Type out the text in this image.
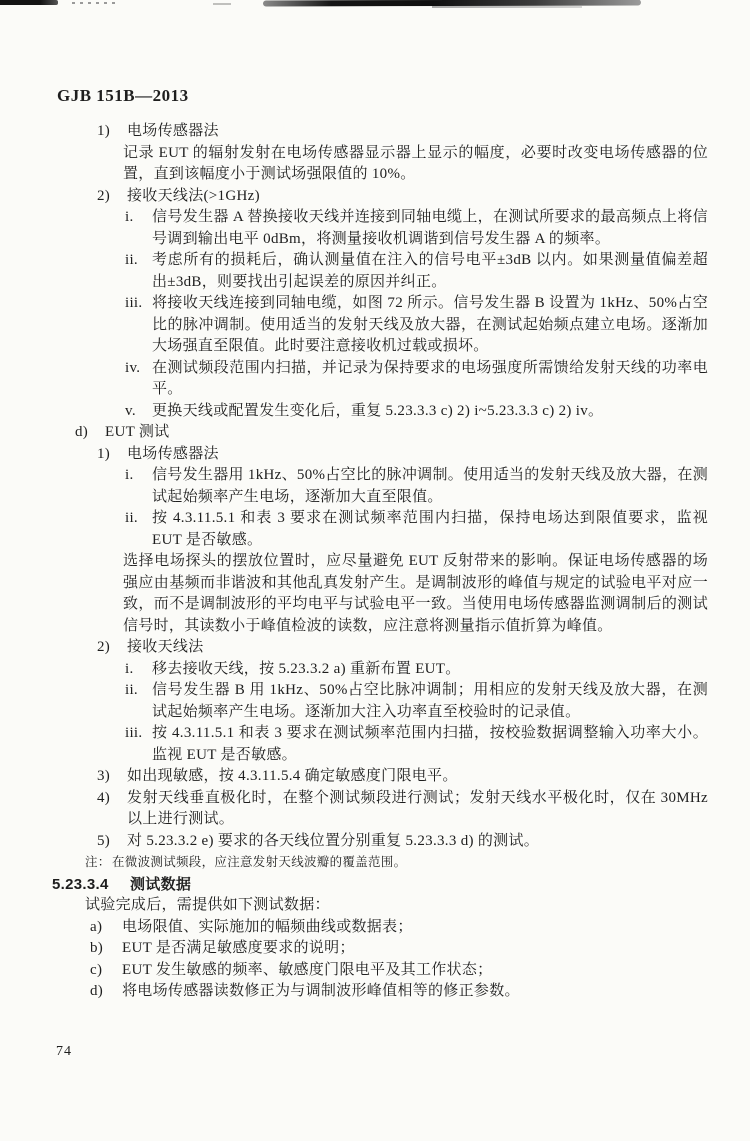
GJB 151B—2013
1)	电场传感器法
记录 EUT 的辐射发射在电场传感器显示器上显示的幅度，必要时改变电场传感器的位置，直到该幅度小于测试场强限值的 10%。
2)	接收天线法(>1GHz)
i.	信号发生器 A 替换接收天线并连接到同轴电缆上，在测试所要求的最高频点上将信号调到输出电平 0dBm，将测量接收机调谐到信号发生器 A 的频率。
ii. 考虑所有的损耗后，确认测量值在注入的信号电平±3dB 以内。如果测量值偏差超出±3dB，则要找出引起误差的原因并纠正。
iii. 将接收天线连接到同轴电缆，如图 72 所示。信号发生器 B 设置为 1kHz、50%占空比的脉冲调制。使用适当的发射天线及放大器，在测试起始频点建立电场。逐渐加大场强直至限值。此时要注意接收机过载或损坏。
iv. 在测试频段范围内扫描，并记录为保持要求的电场强度所需馈给发射天线的功率电平。
v.	更换天线或配置发生变化后，重复 5.23.3.3 c) 2) i~5.23.3.3 c) 2) iv。
d)	EUT 测试
1)	电场传感器法
i.	信号发生器用 1kHz、50%占空比的脉冲调制。使用适当的发射天线及放大器，在测试起始频率产生电场，逐渐加大直至限值。
ii. 按 4.3.11.5.1 和表 3 要求在测试频率范围内扫描，保持电场达到限值要求，监视 EUT 是否敏感。
选择电场探头的摆放位置时，应尽量避免 EUT 反射带来的影响。保证电场传感器的场强应由基频而非谐波和其他乱真发射产生。是调制波形的峰值与规定的试验电平对应一致，而不是调制波形的平均电平与试验电平一致。当使用电场传感器监测调制后的测试信号时，其读数小于峰值检波的读数，应注意将测量指示值折算为峰值。
2)	接收天线法
i.	移去接收天线，按 5.23.3.2 a) 重新布置 EUT。
ii. 信号发生器 B 用 1kHz、50%占空比脉冲调制；用相应的发射天线及放大器，在测试起始频率产生电场。逐渐加大注入功率直至校验时的记录值。
iii. 按 4.3.11.5.1 和表 3 要求在测试频率范围内扫描，按校验数据调整输入功率大小。监视 EUT 是否敏感。
3)	如出现敏感，按 4.3.11.5.4 确定敏感度门限电平。
4)	发射天线垂直极化时，在整个测试频段进行测试；发射天线水平极化时，仅在 30MHz 以上进行测试。
5)	对 5.23.3.2 e) 要求的各天线位置分别重复 5.23.3.3 d) 的测试。
注： 在微波测试频段，应注意发射天线波瓣的覆盖范围。
5.23.3.4	测试数据
试验完成后，需提供如下测试数据：
a)	电场限值、实际施加的幅频曲线或数据表；
b)	EUT 是否满足敏感度要求的说明；
c)	EUT 发生敏感的频率、敏感度门限电平及其工作状态；
d)	将电场传感器读数修正为与调制波形峰值相等的修正参数。
74
